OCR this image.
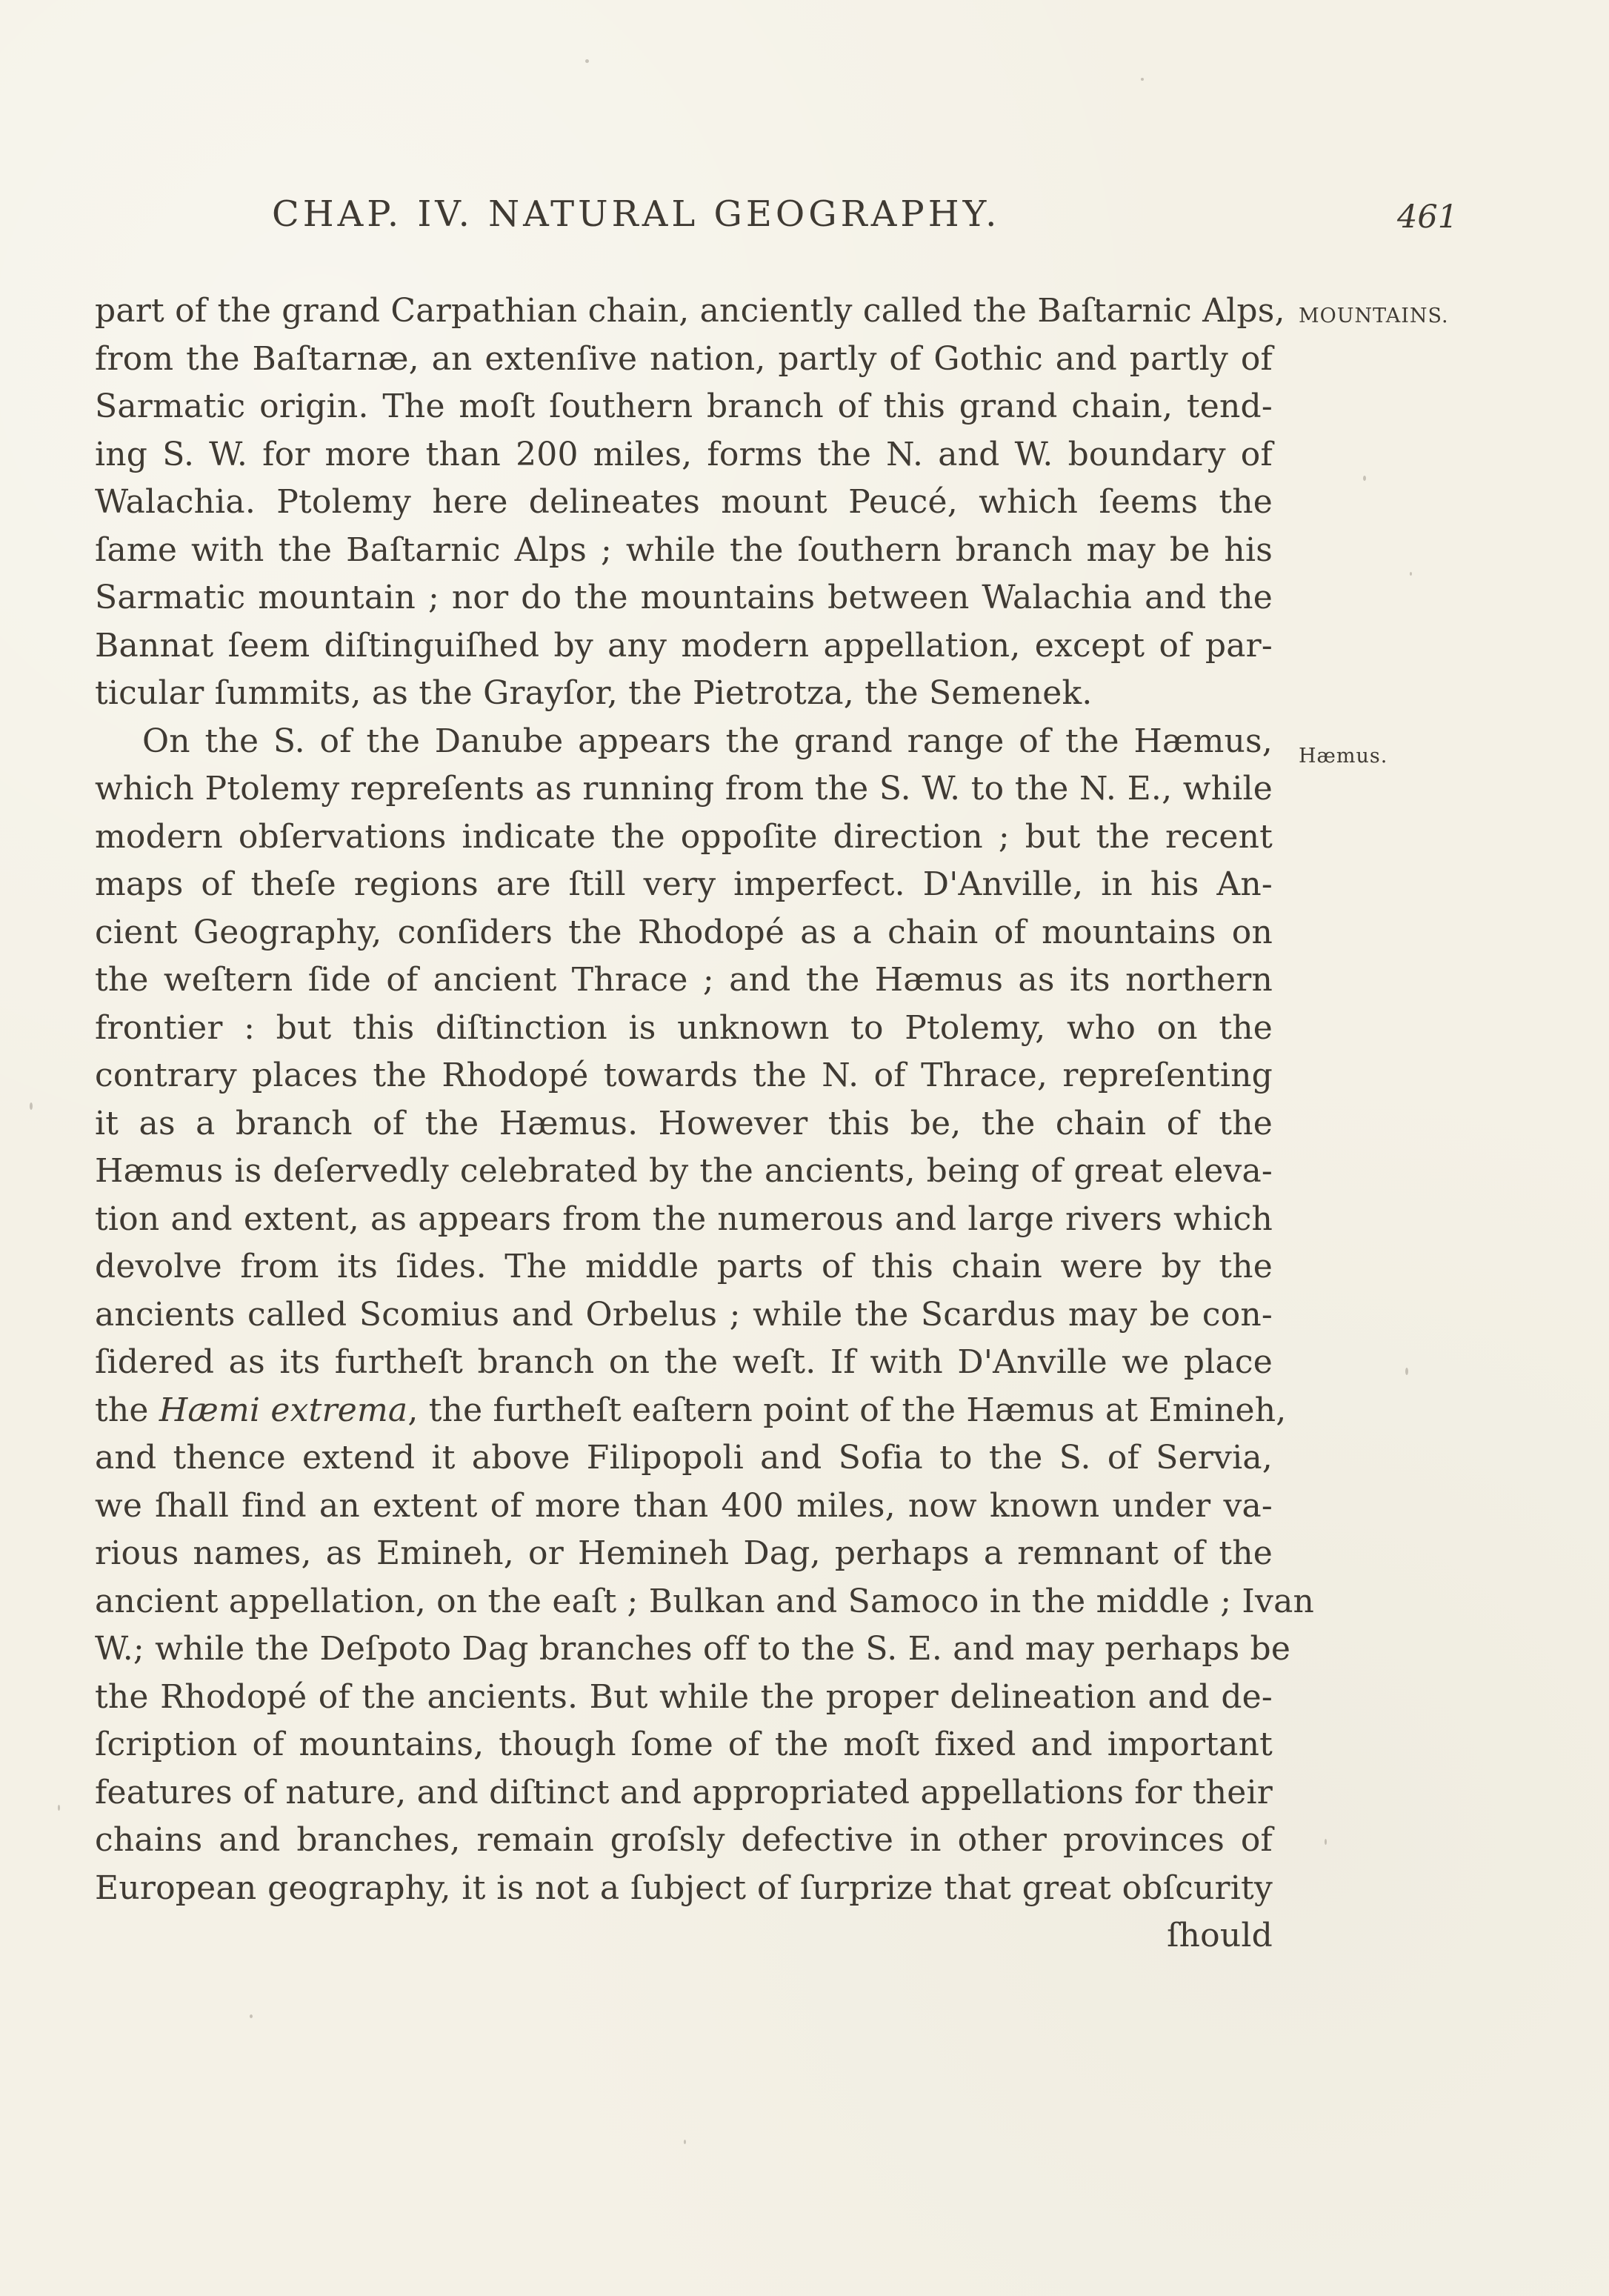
CHAP. IV. NATURAL GEOGRAPHY.	461
MOUNTAINS.
Hæmus.
part of the grand Carpathian chain, anciently called the Baſtarnic Alps,
from the Baſtarnæ, an extenſive nation, partly of Gothic and partly of
Sarmatic origin. The moſt ſouthern branch of this grand chain, tend-
ing S. W. for more than 200 miles, forms the N. and W. boundary of
Walachia. Ptolemy here delineates mount Peucé, which ſeems the
ſame with the Baſtarnic Alps ; while the ſouthern branch may be his
Sarmatic mountain ; nor do the mountains between Walachia and the
Bannat ſeem diſtinguiſhed by any modern appellation, except of par-
ticular ſummits, as the Grayſor, the Pietrotza, the Semenek.
On the S. of the Danube appears the grand range of the Hæmus,
which Ptolemy repreſents as running from the S. W. to the N. E., while
modern obſervations indicate the oppoſite direction ; but the recent
maps of theſe regions are ſtill very imperfect. D'Anville, in his An-
cient Geography, conſiders the Rhodopé as a chain of mountains on
the weſtern ſide of ancient Thrace ; and the Hæmus as its northern
frontier : but this diſtinction is unknown to Ptolemy, who on the
contrary places the Rhodopé towards the N. of Thrace, repreſenting
it as a branch of the Hæmus. However this be, the chain of the
Hæmus is deſervedly celebrated by the ancients, being of great eleva-
tion and extent, as appears from the numerous and large rivers which
devolve from its ſides. The middle parts of this chain were by the
ancients called Scomius and Orbelus ; while the Scardus may be con-
ſidered as its furtheſt branch on the weſt. If with D'Anville we place
the Hæmi extrema, the furtheſt eaſtern point of the Hæmus at Emineh,
and thence extend it above Filipopoli and Sofia to the S. of Servia,
we ſhall find an extent of more than 400 miles, now known under va-
rious names, as Emineh, or Hemineh Dag, perhaps a remnant of the
ancient appellation, on the eaſt ; Bulkan and Samoco in the middle ; Ivan
W.; while the Deſpoto Dag branches off to the S. E. and may perhaps be
the Rhodopé of the ancients. But while the proper delineation and de-
ſcription of mountains, though ſome of the moſt fixed and important
features of nature, and diſtinct and appropriated appellations for their
chains and branches, remain groſsly defective in other provinces of
European geography, it is not a ſubject of ſurprize that great obſcurity
ſhould
